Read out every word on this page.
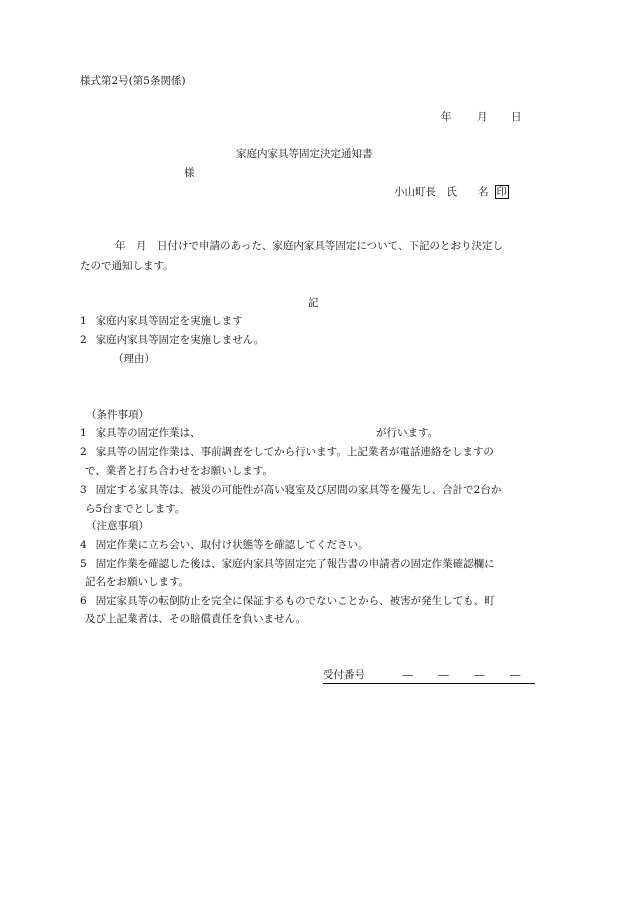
様式第2号(第5条関係)
年 月 日
家庭内家具等固定決定通知書
様
小山町長　氏　　名 印
年　月　日付けで申請のあった、家庭内家具等固定について、下記のとおり決定し
たので通知します。
記
1 家庭内家具等固定を実施します
2 家庭内家具等固定を実施しません。
（理由）
（条件事項）
1 家具等の固定作業は、	が行います。
2 家具等の固定作業は、事前調査をしてから行います。上記業者が電話連絡をしますの
で、業者と打ち合わせをお願いします。
3 固定する家具等は、被災の可能性が高い寝室及び居間の家具等を優先し、合計で2台か
ら5台までとします。
（注意事項）
4 固定作業に立ち会い、取付け状態等を確認してください。
5 固定作業を確認した後は、家庭内家具等固定完了報告書の申請者の固定作業確認欄に
記名をお願いします。
6 固定家具等の転倒防止を完全に保証するものでないことから、被害が発生しても、町
及び上記業者は、その賠償責任を負いません。
受付番号	― ― ― ―
